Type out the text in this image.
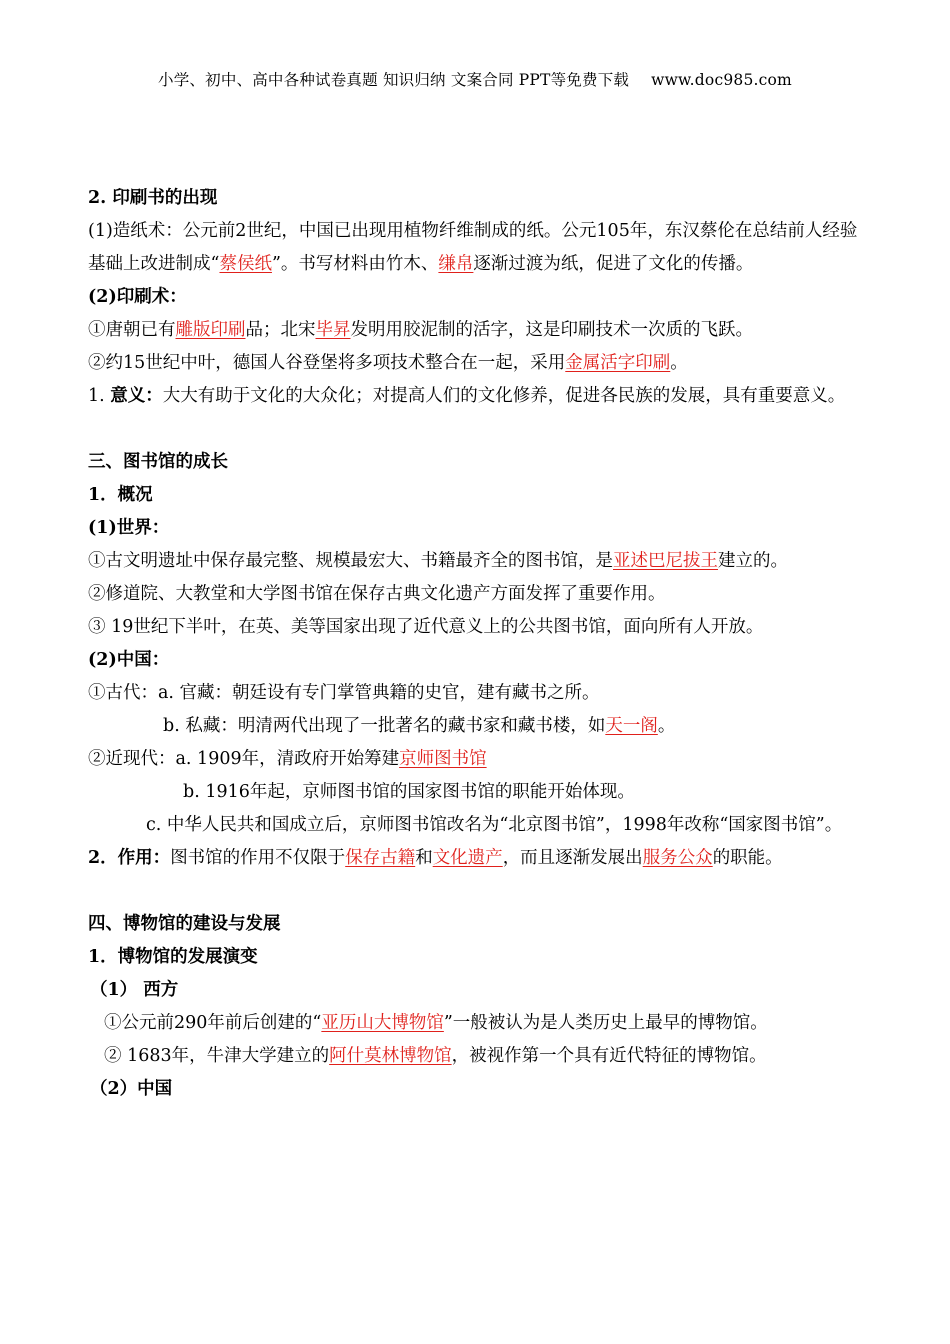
小学、初中、高中各种试卷真题 知识归纳 文案合同 PPT等免费下载 www.doc985.com

2. 印刷书的出现

(1)造纸术：公元前2世纪，中国已出现用植物纤维制成的纸。公元105年，东汉蔡伦在总结前人经验基础上改进制成“蔡侯纸”。书写材料由竹木、缣帛逐渐过渡为纸，促进了文化的传播。

(2)印刷术：

①唐朝已有雕版印刷品；北宋毕昇发明用胶泥制的活字，这是印刷技术一次质的飞跃。

②约15世纪中叶，德国人谷登堡将多项技术整合在一起，采用金属活字印刷。

1. 意义：大大有助于文化的大众化；对提高人们的文化修养，促进各民族的发展，具有重要意义。

三、图书馆的成长

1．概况

(1)世界：

①古文明遗址中保存最完整、规模最宏大、书籍最齐全的图书馆，是亚述巴尼拔王建立的。

②修道院、大教堂和大学图书馆在保存古典文化遗产方面发挥了重要作用。

③ 19世纪下半叶，在英、美等国家出现了近代意义上的公共图书馆，面向所有人开放。

(2)中国：

①古代：a. 官藏：朝廷设有专门掌管典籍的史官，建有藏书之所。

b. 私藏：明清两代出现了一批著名的藏书家和藏书楼，如天一阁。

②近现代：a. 1909年，清政府开始筹建京师图书馆

b. 1916年起，京师图书馆的国家图书馆的职能开始体现。

c. 中华人民共和国成立后，京师图书馆改名为“北京图书馆”，1998年改称“国家图书馆”。

2．作用：图书馆的作用不仅限于保存古籍和文化遗产，而且逐渐发展出服务公众的职能。

四、博物馆的建设与发展

1．博物馆的发展演变

（1） 西方

①公元前290年前后创建的“亚历山大博物馆”一般被认为是人类历史上最早的博物馆。

② 1683年，牛津大学建立的阿什莫林博物馆，被视作第一个具有近代特征的博物馆。

（2）中国
